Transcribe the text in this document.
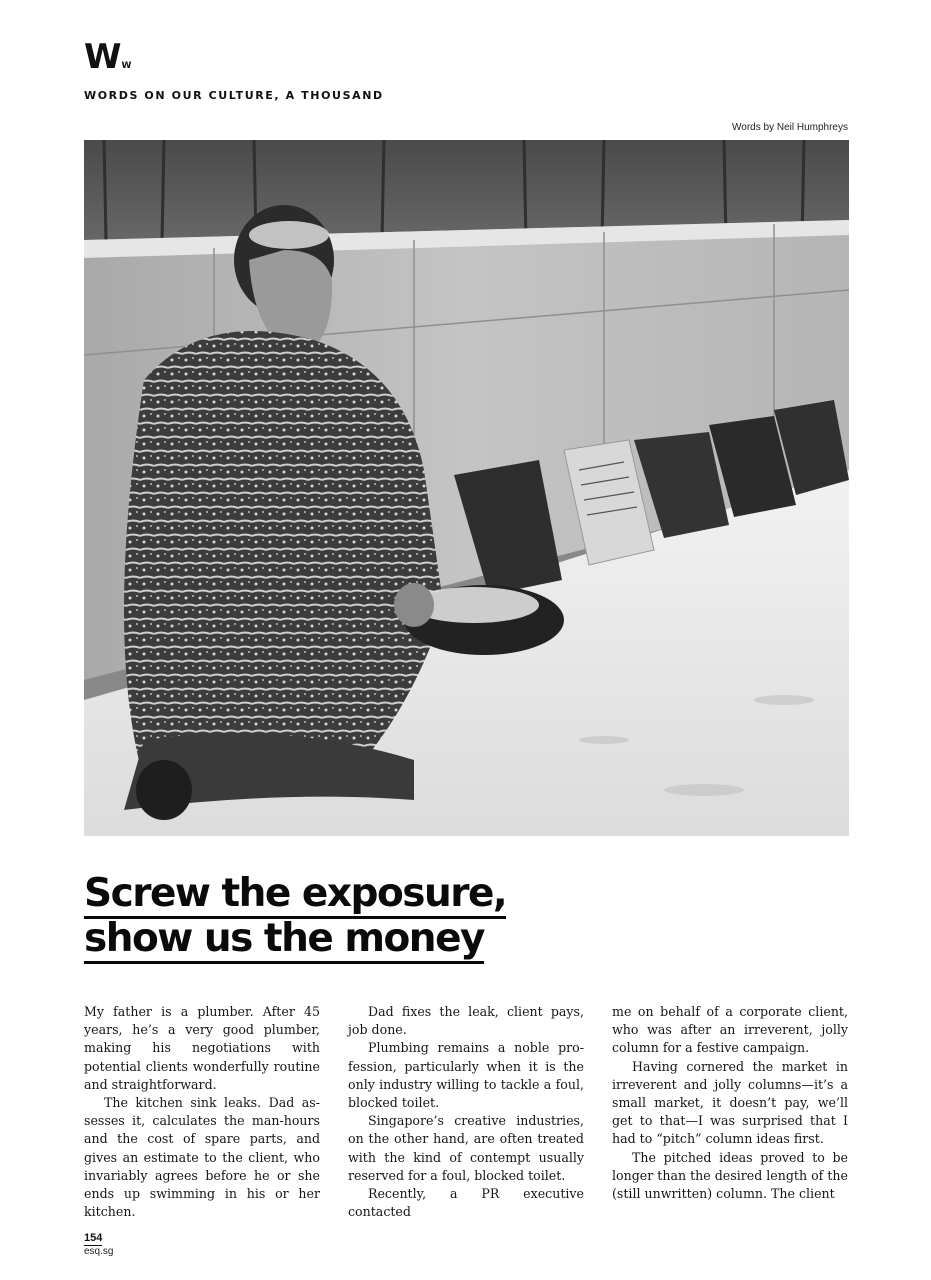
WW
WORDS ON OUR CULTURE, A THOUSAND
Words by Neil Humphreys
Screw the exposure,
show us the money

My father is a plumber. After 45 years, he’s a very good plumber, making his negotiations with potential clients wonderfully routine and straightforward.

The kitchen sink leaks. Dad assesses it, calculates the man-hours and the cost of spare parts, and gives an estimate to the client, who invariably agrees before he or she ends up swimming in his or her kitchen.

Dad fixes the leak, client pays, job done.

Plumbing remains a noble profession, particularly when it is the only industry willing to tackle a foul, blocked toilet.

Singapore’s creative industries, on the other hand, are often treated with the kind of contempt usually reserved for a foul, blocked toilet.

Recently, a PR executive contacted

me on behalf of a corporate client, who was after an irreverent, jolly column for a festive campaign.

Having cornered the market in irreverent and jolly columns—it’s a small market, it doesn’t pay, we’ll get to that—I was surprised that I had to “pitch” column ideas first.

The pitched ideas proved to be longer than the desired length of the (still unwritten) column. The client

154
esq.sg
